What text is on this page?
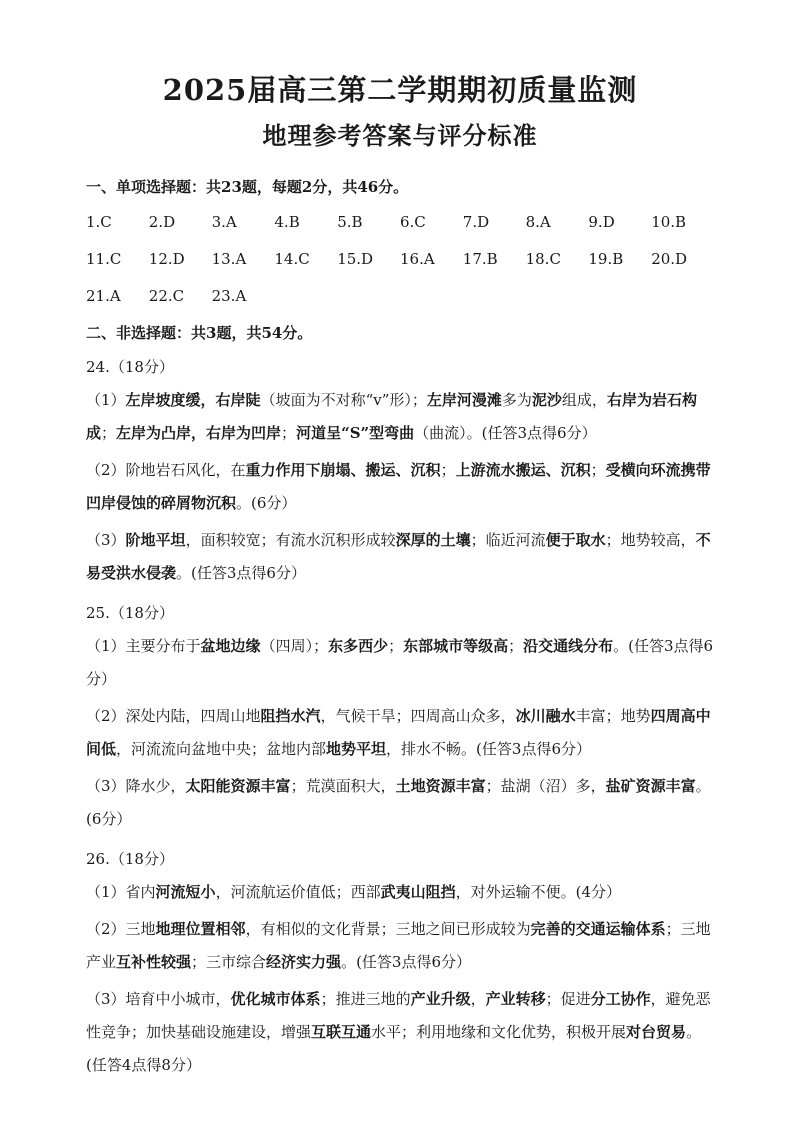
2025届高三第二学期期初质量监测
地理参考答案与评分标准

一、单项选择题：共23题，每题2分，共46分。

1.C	2.D	3.A	4.B	5.B	6.C	7.D	8.A	9.D	10.B
11.C	12.D	13.A	14.C	15.D	16.A	17.B	18.C	19.B	20.D
21.A	22.C	23.A

二、非选择题：共3题，共54分。

24.（18分）

（1）左岸坡度缓，右岸陡（坡面为不对称“v”形）；左岸河漫滩多为泥沙组成，右岸为岩石构成；左岸为凸岸，右岸为凹岸；河道呈“S”型弯曲（曲流）。(任答3点得6分）

（2）阶地岩石风化，在重力作用下崩塌、搬运、沉积；上游流水搬运、沉积；受横向环流携带凹岸侵蚀的碎屑物沉积。(6分）

（3）阶地平坦，面积较宽；有流水沉积形成较深厚的土壤；临近河流便于取水；地势较高，不易受洪水侵袭。(任答3点得6分）

25.（18分）

（1）主要分布于盆地边缘（四周）；东多西少；东部城市等级高；沿交通线分布。(任答3点得6分）

（2）深处内陆，四周山地阻挡水汽，气候干旱；四周高山众多，冰川融水丰富；地势四周高中间低，河流流向盆地中央；盆地内部地势平坦，排水不畅。(任答3点得6分）

（3）降水少，太阳能资源丰富；荒漠面积大，土地资源丰富；盐湖（沼）多，盐矿资源丰富。(6分）

26.（18分）

（1）省内河流短小，河流航运价值低；西部武夷山阻挡，对外运输不便。(4分）

（2）三地地理位置相邻，有相似的文化背景；三地之间已形成较为完善的交通运输体系；三地产业互补性较强；三市综合经济实力强。(任答3点得6分）

（3）培育中小城市，优化城市体系；推进三地的产业升级，产业转移；促进分工协作，避免恶性竞争；加快基础设施建设，增强互联互通水平；利用地缘和文化优势，积极开展对台贸易。(任答4点得8分）
